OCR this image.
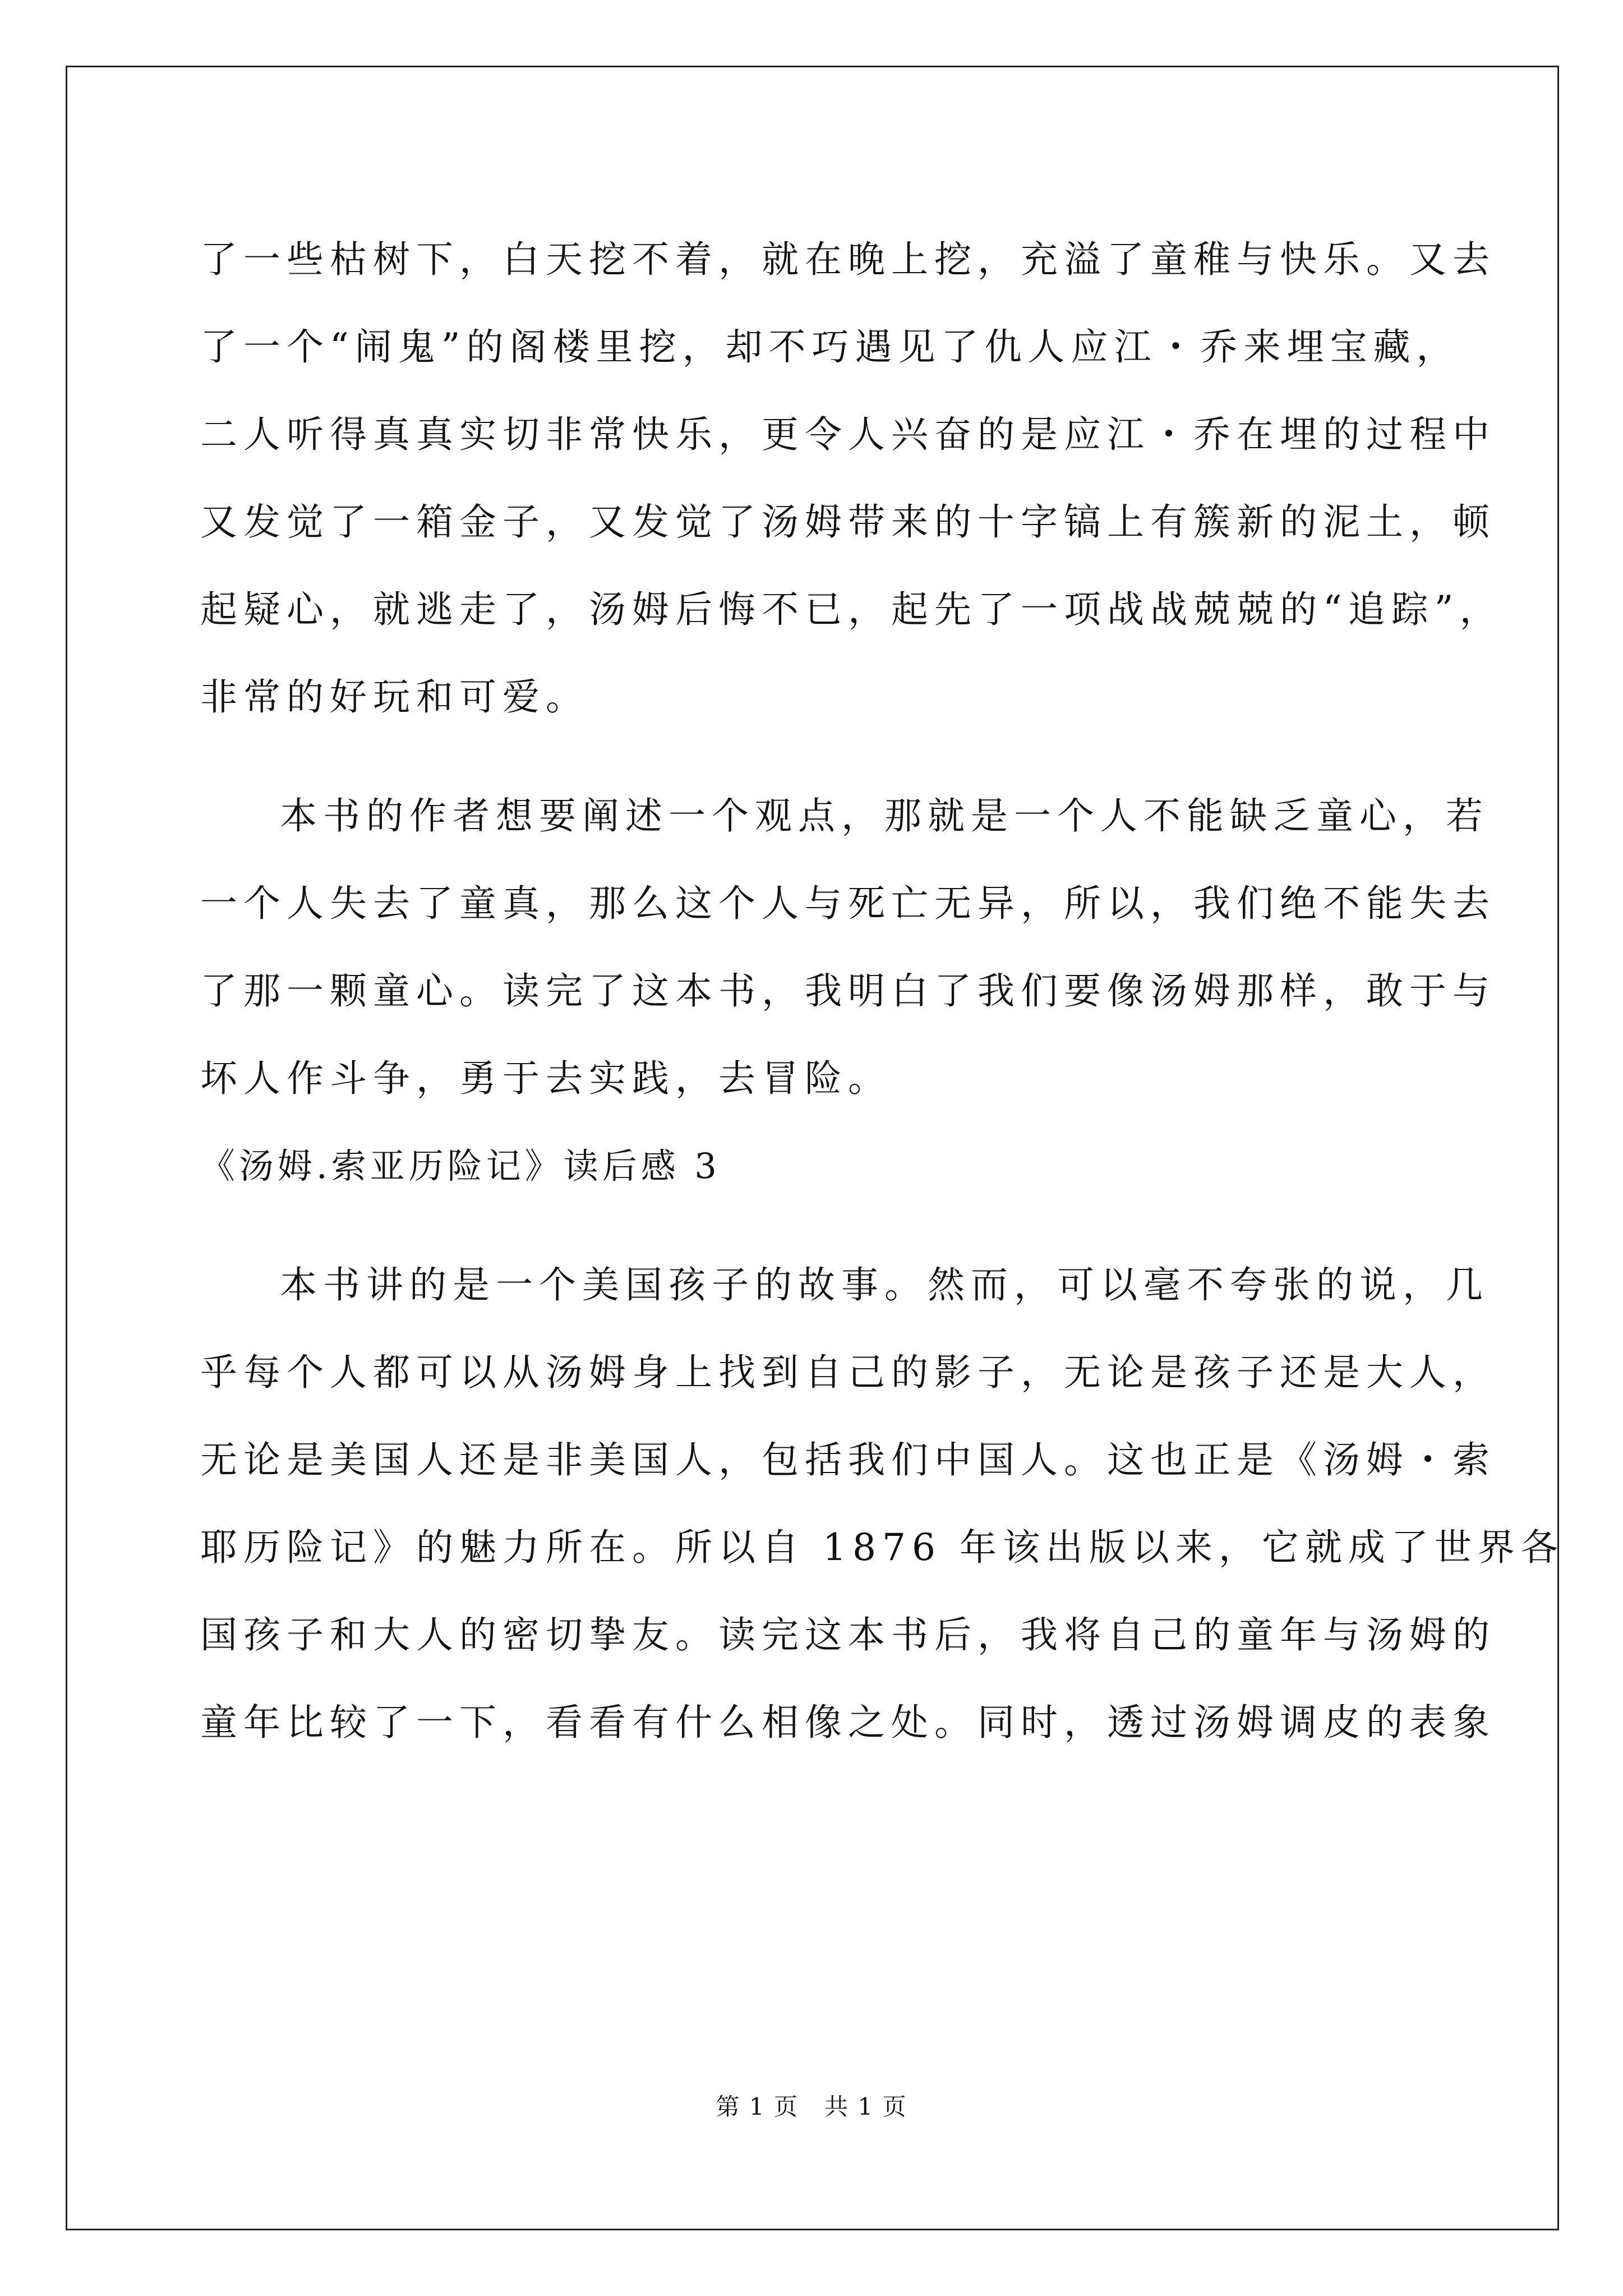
了一些枯树下，白天挖不着，就在晚上挖，充溢了童稚与快乐。又去
了一个“闹鬼”的阁楼里挖，却不巧遇见了仇人应江・乔来埋宝藏，
二人听得真真实切非常快乐，更令人兴奋的是应江・乔在埋的过程中
又发觉了一箱金子，又发觉了汤姆带来的十字镐上有簇新的泥土，顿
起疑心，就逃走了，汤姆后悔不已，起先了一项战战兢兢的“追踪”，
非常的好玩和可爱。
本书的作者想要阐述一个观点，那就是一个人不能缺乏童心，若
一个人失去了童真，那么这个人与死亡无异，所以，我们绝不能失去
了那一颗童心。读完了这本书，我明白了我们要像汤姆那样，敢于与
坏人作斗争，勇于去实践，去冒险。
《汤姆.索亚历险记》读后感 3
本书讲的是一个美国孩子的故事。然而，可以毫不夸张的说，几
乎每个人都可以从汤姆身上找到自己的影子，无论是孩子还是大人，
无论是美国人还是非美国人，包括我们中国人。这也正是《汤姆・索
耶历险记》的魅力所在。所以自 1876 年该出版以来，它就成了世界各
国孩子和大人的密切挚友。读完这本书后，我将自己的童年与汤姆的
童年比较了一下，看看有什么相像之处。同时，透过汤姆调皮的表象
第 1 页   共 1 页
